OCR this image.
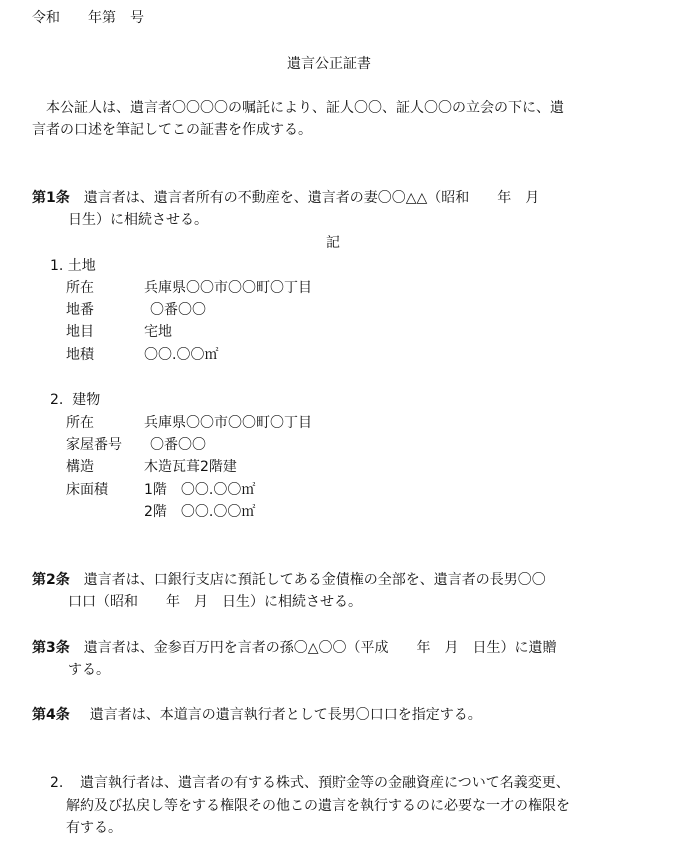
令和　　年第　号

遺言公正証書

本公証人は、遺言者〇〇〇〇の嘱託により、証人〇〇、証人〇〇の立会の下に、遺

言者の口述を筆記してこの証書を作成する。

第1条 遺言者は、遺言者所有の不動産を、遺言者の妻〇〇△△（昭和　　年　月

日生）に相続させる。

記

1. 土地

所在	兵庫県〇〇市〇〇町〇丁目

地番	〇番〇〇

地目	宅地

地積	〇〇.〇〇㎡

2.  建物

所在	兵庫県〇〇市〇〇町〇丁目

家屋番号 〇番〇〇

構造	木造瓦葺2階建

床面積	1階　〇〇.〇〇㎡

2階　〇〇.〇〇㎡

第2条 遺言者は、口銀行支店に預託してある金債権の全部を、遺言者の長男〇〇

口口（昭和　　年　月　日生）に相続させる。

第3条 遺言者は、金参百万円を言者の孫〇△〇〇（平成　　年　月　日生）に遺贈

する。

第4条 遺言者は、本道言の遺言執行者として長男〇口口を指定する。

2. 遺言執行者は、遺言者の有する株式、預貯金等の金融資産について名義変更、

解約及び払戻し等をする権限その他この遺言を執行するのに必要な一才の権限を

有する。
